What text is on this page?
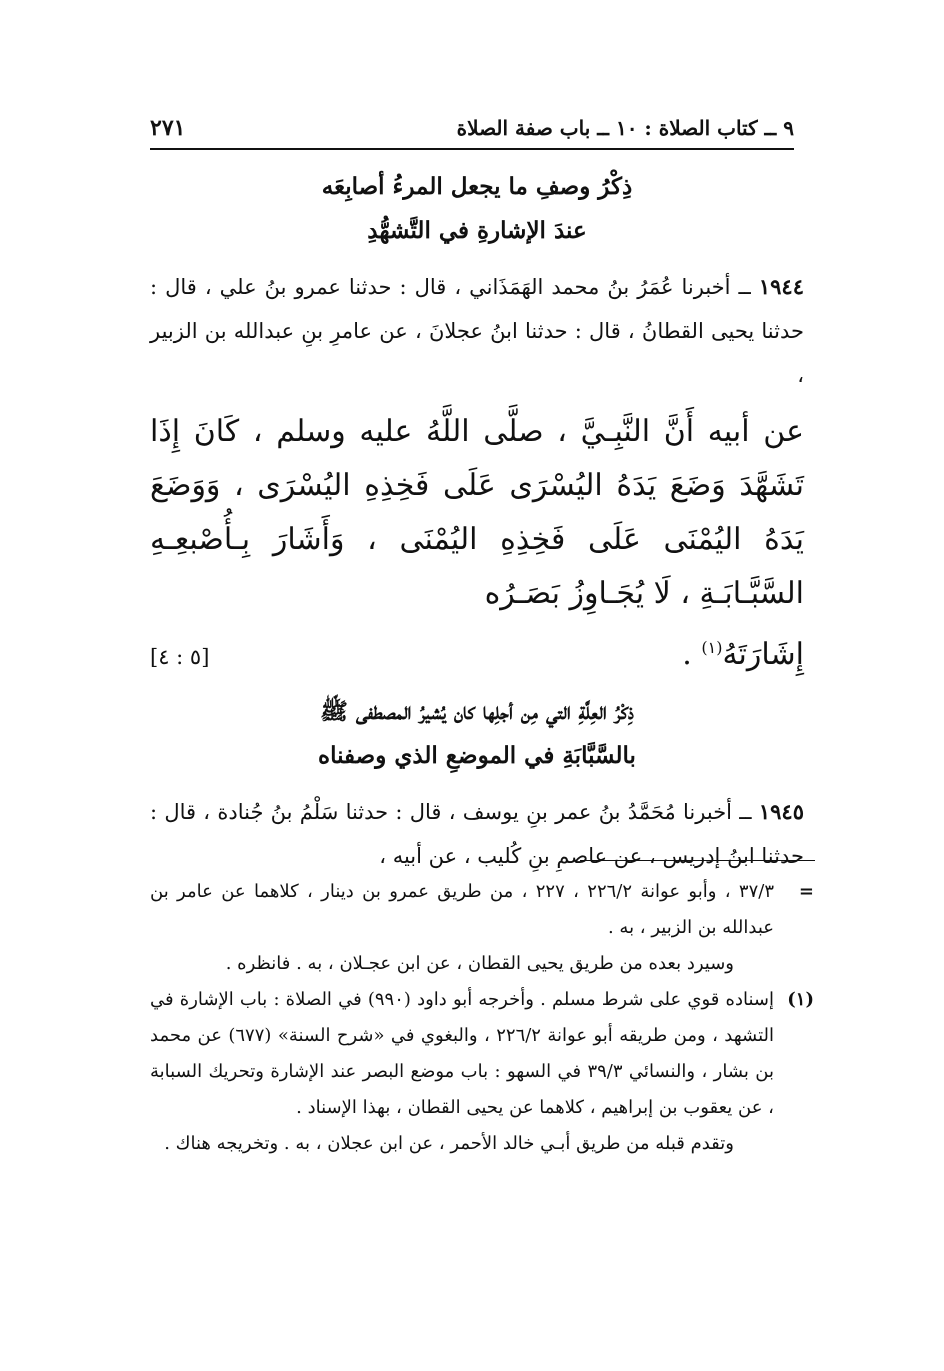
٢٧١	٩ ــ كتاب الصلاة : ١٠ ــ باب صفة الصلاة

ذِكْرُ وصفِ ما يجعل المرءُ أصابِعَه

عندَ الإشارةِ في التَّشهُّدِ

١٩٤٤ ــ أخبرنا عُمَرُ بنُ محمد الهَمَذَاني ، قال : حدثنا عمرو بنُ علي ، قال : حدثنا يحيى القطانُ ، قال : حدثنا ابنُ عجلانَ ، عن عامرِ بنِ عبدالله بن الزبير ،

عن أبيه أَنَّ النَّبِـيَّ ، صلَّى اللَّهُ عليه وسلم ، كَانَ إِذَا تَشَهَّدَ وَضَعَ يَدَهُ اليُسْرَى عَلَى فَخِذِهِ اليُسْرَى ، وَوَضَعَ يَدَهُ اليُمْنَى عَلَى فَخِذِهِ اليُمْنَى ، وَأَشَارَ بِـأُصْبعِـهِ السَّبَّـابَـةِ ، لَا يُجَـاوِزُ بَصَـرُه

إِشَارَتَهُ$^{(١)}$ .
[٥ : ٤]

ذِكْرُ العِلَّةِ التي مِن أجلِها كان يُشيرُ المصطفى ﷺ

بالسَّبَّابَةِ في الموضعِ الذي وصفناه

١٩٤٥ ــ أخبرنا مُحَمَّدُ بنُ عمر بنِ يوسف ، قال : حدثنا سَلْمُ بنُ جُنادة ، قال : حدثنا ابنُ إدريس ، عن عاصمِ بنِ كُليب ، عن أبيه ،

=

٣٧/٣ ، وأبو عوانة ٢٢٦/٢ ، ٢٢٧ ، من طريق عمرو بن دينار ، كلاهما عن عامر بن عبدالله بن الزبير ، به .

وسيرد بعده من طريق يحيى القطان ، عن ابن عجـلان ، به . فانظره .

(١)

إسناده قوي على شرط مسلم . وأخرجه أبو داود (٩٩٠) في الصلاة : باب الإشارة في التشهد ، ومن طريقه أبو عوانة ٢٢٦/٢ ، والبغوي في «شرح السنة» (٦٧٧) عن محمد بن بشار ، والنسائي ٣٩/٣ في السهو : باب موضع البصر عند الإشارة وتحريك السبابة ، عن يعقوب بن إبراهيم ، كلاهما عن يحيى القطان ، بهذا الإسناد .

وتقدم قبله من طريق أبـي خالد الأحمر ، عن ابن عجلان ، به . وتخريجه هناك .
